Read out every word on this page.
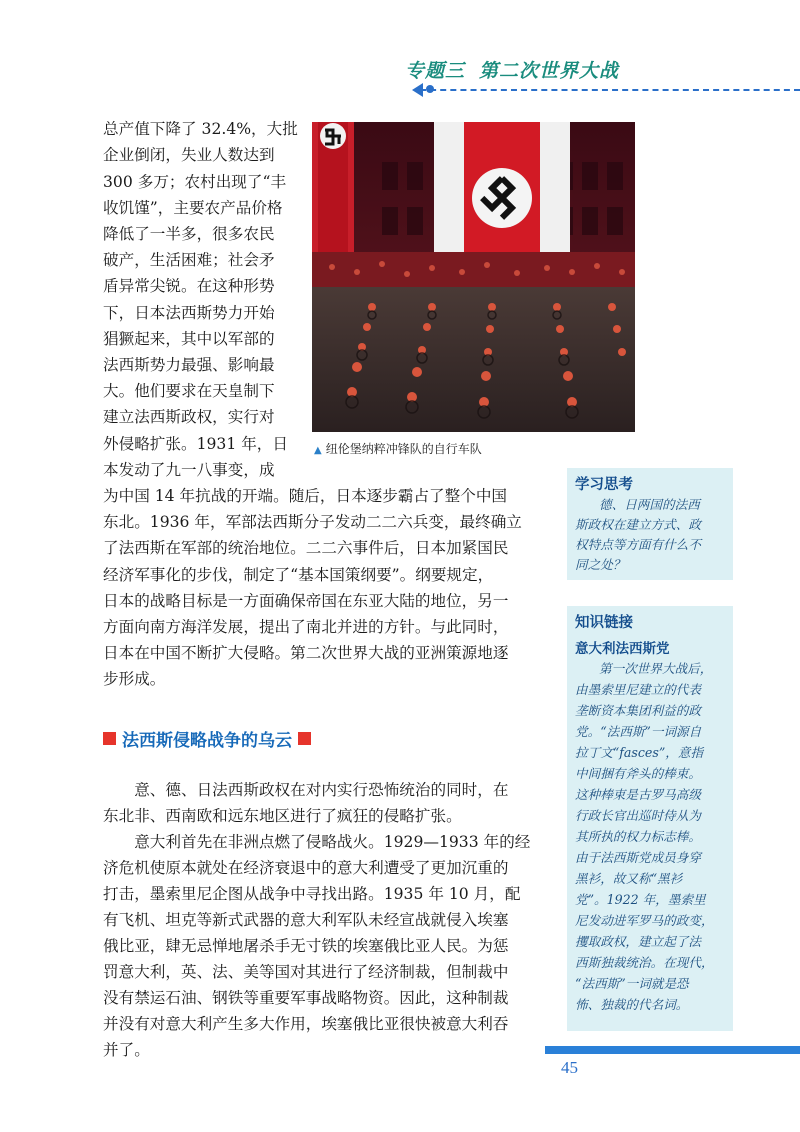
专题三 第二次世界大战
总产值下降了 32.4%，大批
企业倒闭，失业人数达到
300 多万；农村出现了“丰
收饥馑”，主要农产品价格
降低了一半多，很多农民
破产，生活困难；社会矛
盾异常尖锐。在这种形势
下，日本法西斯势力开始
猖獗起来，其中以军部的
法西斯势力最强、影响最
大。他们要求在天皇制下
建立法西斯政权，实行对
外侵略扩张。1931 年，日
本发动了九一八事变，成
▲ 纽伦堡纳粹冲锋队的自行车队
为中国 14 年抗战的开端。随后，日本逐步霸占了整个中国
东北。1936 年，军部法西斯分子发动二二六兵变，最终确立
了法西斯在军部的统治地位。二二六事件后，日本加紧国民
经济军事化的步伐，制定了“基本国策纲要”。纲要规定，
日本的战略目标是一方面确保帝国在东亚大陆的地位，另一
方面向南方海洋发展，提出了南北并进的方针。与此同时，
日本在中国不断扩大侵略。第二次世界大战的亚洲策源地逐
步形成。
学习思考
德、日两国的法西
斯政权在建立方式、政
权特点等方面有什么不
同之处？
知识链接
意大利法西斯党
第一次世界大战后，
由墨索里尼建立的代表
垄断资本集团利益的政
党。“法西斯”一词源自
拉丁文“fasces”，意指
中间捆有斧头的棒束。
这种棒束是古罗马高级
行政长官出巡时侍从为
其所执的权力标志棒。
由于法西斯党成员身穿
黑衫，故又称“黑衫
党”。1922 年，墨索里
尼发动进军罗马的政变，
攫取政权，建立起了法
西斯独裁统治。在现代，
“法西斯”一词就是恐
怖、独裁的代名词。
法西斯侵略战争的乌云
　　意、德、日法西斯政权在对内实行恐怖统治的同时，在
东北非、西南欧和远东地区进行了疯狂的侵略扩张。
　　意大利首先在非洲点燃了侵略战火。1929—1933 年的经
济危机使原本就处在经济衰退中的意大利遭受了更加沉重的
打击，墨索里尼企图从战争中寻找出路。1935 年 10 月，配
有飞机、坦克等新式武器的意大利军队未经宣战就侵入埃塞
俄比亚，肆无忌惮地屠杀手无寸铁的埃塞俄比亚人民。为惩
罚意大利，英、法、美等国对其进行了经济制裁，但制裁中
没有禁运石油、钢铁等重要军事战略物资。因此，这种制裁
并没有对意大利产生多大作用，埃塞俄比亚很快被意大利吞
并了。
45
